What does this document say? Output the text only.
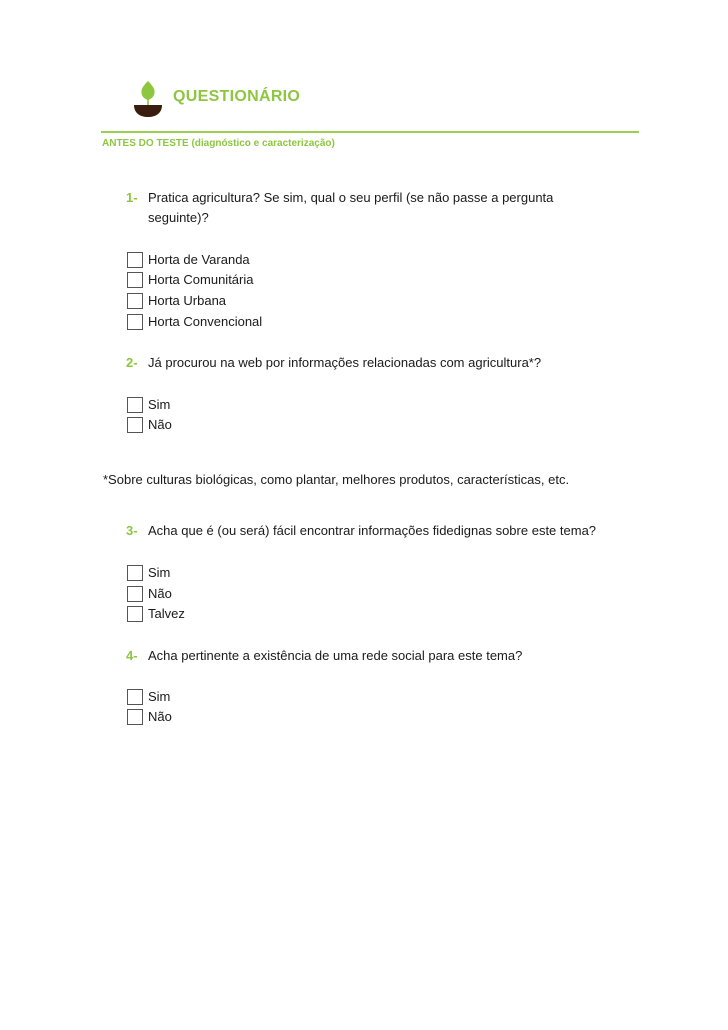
QUESTIONÁRIO
ANTES DO TESTE (diagnóstico e caracterização)
1- Pratica agricultura? Se sim, qual o seu perfil (se não passe a pergunta
seguinte)?
Horta de Varanda
Horta Comunitária
Horta Urbana
Horta Convencional
2- Já procurou na web por informações relacionadas com agricultura*?
Sim
Não
*Sobre culturas biológicas, como plantar, melhores produtos, características, etc.
3- Acha que é (ou será) fácil encontrar informações fidedignas sobre este tema?
Sim
Não
Talvez
4- Acha pertinente a existência de uma rede social para este tema?
Sim
Não
